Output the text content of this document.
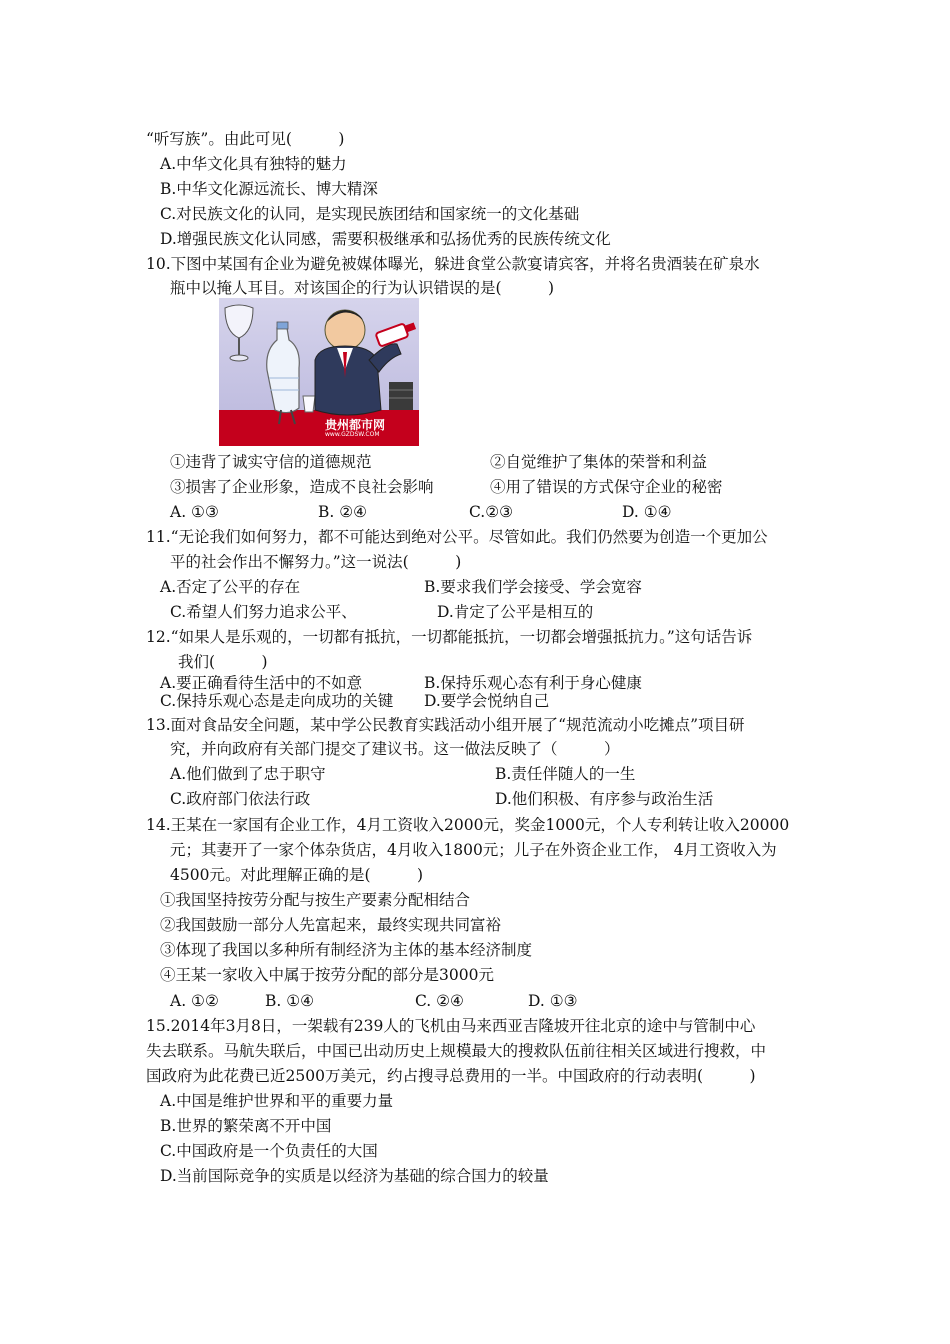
“听写族”。由此可见(　　　)
A.中华文化具有独特的魅力
B.中华文化源远流长、博大精深
C.对民族文化的认同，是实现民族团结和国家统一的文化基础
D.增强民族文化认同感，需要积极继承和弘扬优秀的民族传统文化
10.下图中某国有企业为避免被媒体曝光，躲进食堂公款宴请宾客，并将名贵酒装在矿泉水
瓶中以掩人耳目。对该国企的行为认识错误的是(　　　)
贵州都市网
www.GZDSW.COM
①违背了诚实守信的道德规范	②自觉维护了集体的荣誉和利益
③损害了企业形象，造成不良社会影响	④用了错误的方式保守企业的秘密
A. ①③	B. ②④	C.②③	D. ①④
11.“无论我们如何努力，都不可能达到绝对公平。尽管如此。我们仍然要为创造一个更加公
平的社会作出不懈努力。”这一说法(　　　)
A.否定了公平的存在	B.要求我们学会接受、学会宽容
C.希望人们努力追求公平、	D.肯定了公平是相互的
12.“如果人是乐观的，一切都有抵抗，一切都能抵抗，一切都会增强抵抗力。”这句话告诉
我们(　　　)
A.要正确看待生活中的不如意	B.保持乐观心态有利于身心健康
C.保持乐观心态是走向成功的关键 D.要学会悦纳自己
13.面对食品安全问题，某中学公民教育实践活动小组开展了“规范流动小吃摊点”项目研
究，并向政府有关部门提交了建议书。这一做法反映了（　　　）
A.他们做到了忠于职守	B.责任伴随人的一生
C.政府部门依法行政	D.他们积极、有序参与政治生活
14.王某在一家国有企业工作，4月工资收入2000元，奖金1000元，个人专利转让收入20000
元；其妻开了一家个体杂货店，4月收入1800元；儿子在外资企业工作， 4月工资收入为
4500元。对此理解正确的是(　　　)
①我国坚持按劳分配与按生产要素分配相结合
②我国鼓励一部分人先富起来，最终实现共同富裕
③体现了我国以多种所有制经济为主体的基本经济制度
④王某一家收入中属于按劳分配的部分是3000元
A. ①②	B. ①④	C. ②④	D. ①③
15.2014年3月8日，一架载有239人的飞机由马来西亚吉隆坡开往北京的途中与管制中心
失去联系。马航失联后，中国已出动历史上规模最大的搜救队伍前往相关区域进行搜救，中
国政府为此花费已近2500万美元，约占搜寻总费用的一半。中国政府的行动表明(　　　)
A.中国是维护世界和平的重要力量
B.世界的繁荣离不开中国
C.中国政府是一个负责任的大国
D.当前国际竞争的实质是以经济为基础的综合国力的较量
